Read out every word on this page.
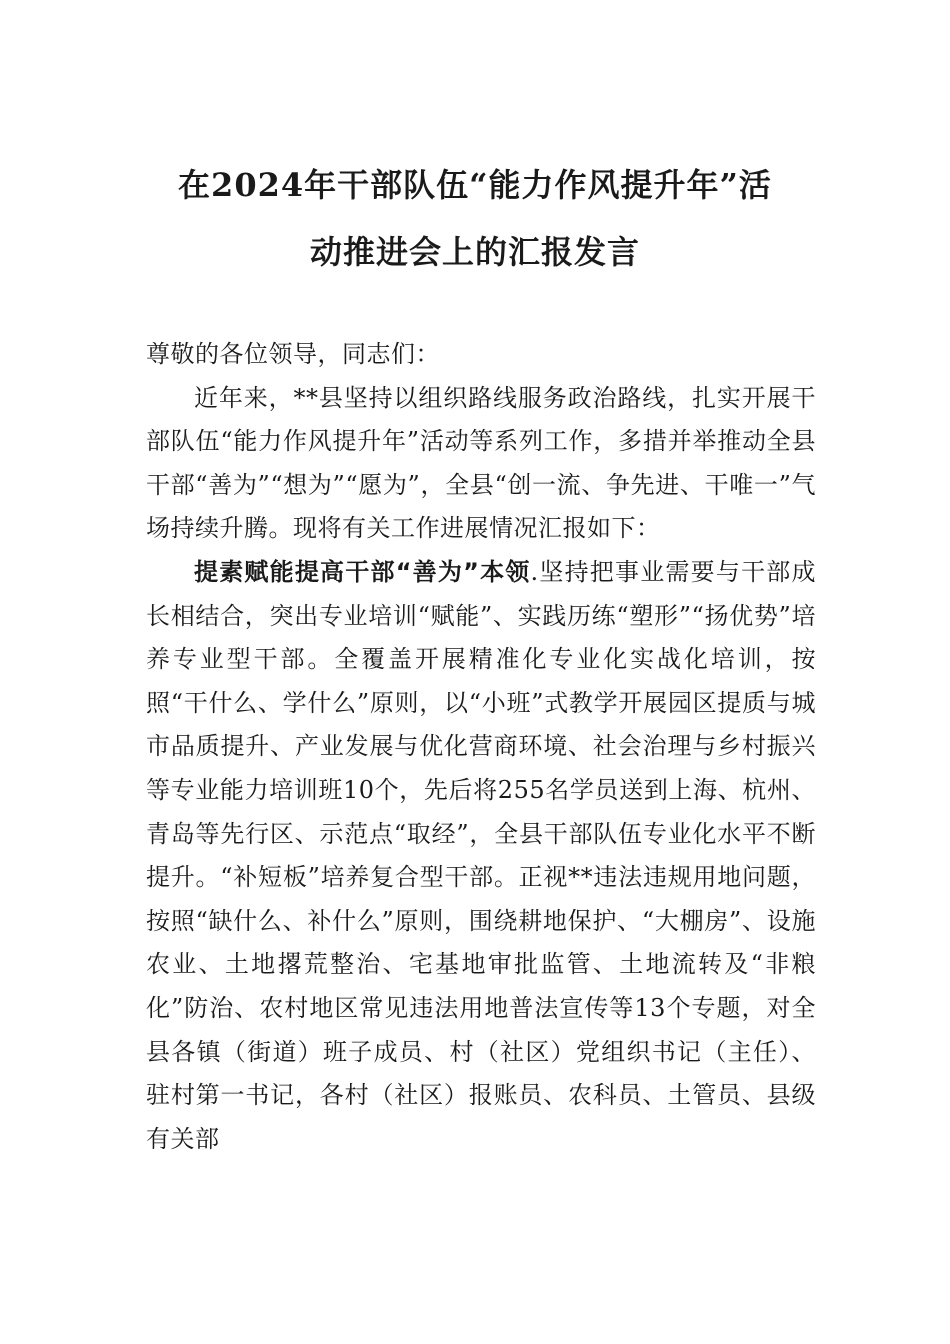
在2024年干部队伍“能力作风提升年”活
动推进会上的汇报发言

尊敬的各位领导，同志们：

近年来，**县坚持以组织路线服务政治路线，扎实开展干部队伍“能力作风提升年”活动等系列工作，多措并举推动全县干部“善为”“想为”“愿为”，全县“创一流、争先进、干唯一”气场持续升腾。现将有关工作进展情况汇报如下：

提素赋能提高干部“善为”本领.坚持把事业需要与干部成长相结合，突出专业培训“赋能”、实践历练“塑形”“扬优势”培养专业型干部。全覆盖开展精准化专业化实战化培训，按照“干什么、学什么”原则，以“小班”式教学开展园区提质与城市品质提升、产业发展与优化营商环境、社会治理与乡村振兴等专业能力培训班10个，先后将255名学员送到上海、杭州、青岛等先行区、示范点“取经”，全县干部队伍专业化水平不断提升。“补短板”培养复合型干部。正视**违法违规用地问题，按照“缺什么、补什么”原则，围绕耕地保护、“大棚房”、设施农业、土地撂荒整治、宅基地审批监管、土地流转及“非粮化”防治、农村地区常见违法用地普法宣传等13个专题，对全县各镇（街道）班子成员、村（社区）党组织书记（主任）、驻村第一书记，各村（社区）报账员、农科员、土管员、县级有关部
